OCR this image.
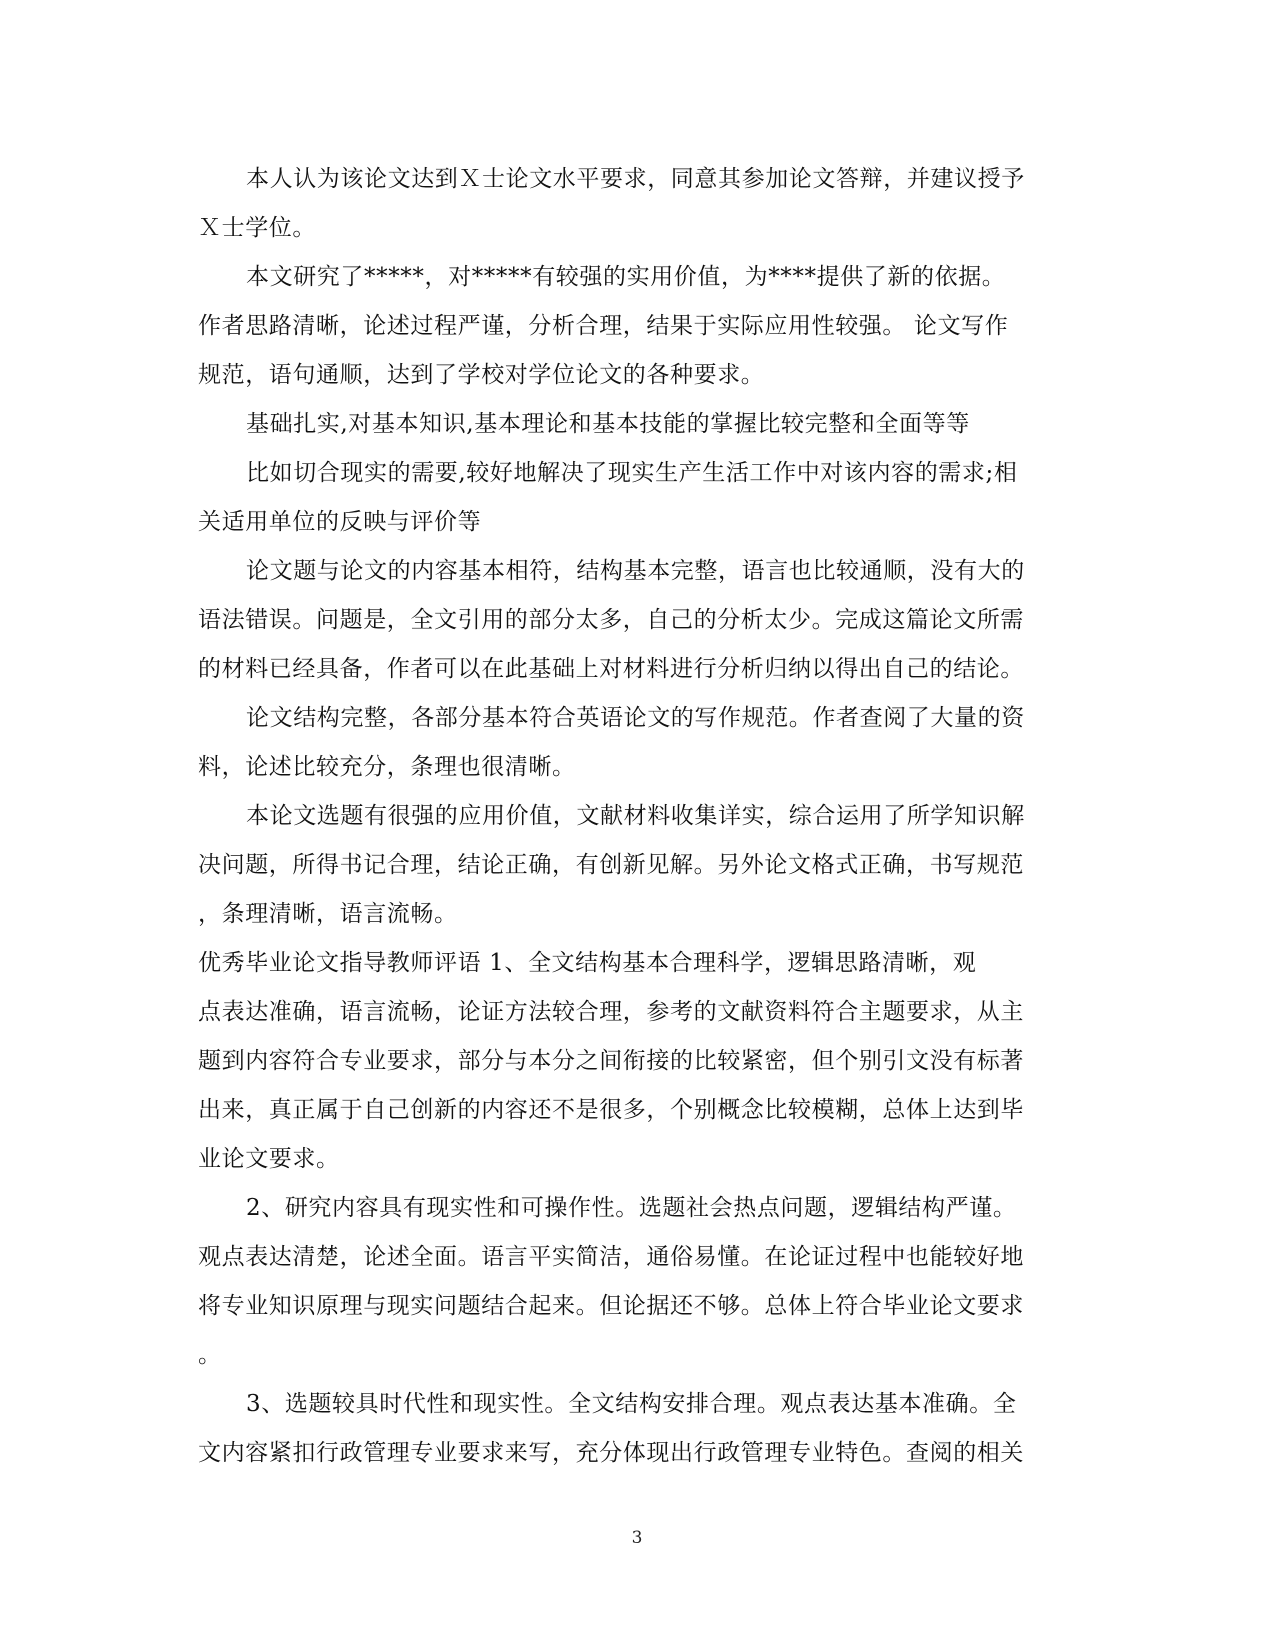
本人认为该论文达到Ｘ士论文水平要求，同意其参加论文答辩，并建议授予
Ｘ士学位。
本文研究了*****，对*****有较强的实用价值，为****提供了新的依据。
作者思路清晰，论述过程严谨，分析合理，结果于实际应用性较强。 论文写作
规范，语句通顺，达到了学校对学位论文的各种要求。
基础扎实,对基本知识,基本理论和基本技能的掌握比较完整和全面等等
比如切合现实的需要,较好地解决了现实生产生活工作中对该内容的需求;相
关适用单位的反映与评价等
论文题与论文的内容基本相符，结构基本完整，语言也比较通顺，没有大的
语法错误。问题是，全文引用的部分太多，自己的分析太少。完成这篇论文所需
的材料已经具备，作者可以在此基础上对材料进行分析归纳以得出自己的结论。
论文结构完整，各部分基本符合英语论文的写作规范。作者查阅了大量的资
料，论述比较充分，条理也很清晰。
本论文选题有很强的应用价值，文献材料收集详实，综合运用了所学知识解
决问题，所得书记合理，结论正确，有创新见解。另外论文格式正确，书写规范
，条理清晰，语言流畅。
优秀毕业论文指导教师评语 1、全文结构基本合理科学，逻辑思路清晰，观
点表达准确，语言流畅，论证方法较合理，参考的文献资料符合主题要求，从主
题到内容符合专业要求，部分与本分之间衔接的比较紧密，但个别引文没有标著
出来，真正属于自己创新的内容还不是很多，个别概念比较模糊，总体上达到毕
业论文要求。
2、研究内容具有现实性和可操作性。选题社会热点问题，逻辑结构严谨。
观点表达清楚，论述全面。语言平实简洁，通俗易懂。在论证过程中也能较好地
将专业知识原理与现实问题结合起来。但论据还不够。总体上符合毕业论文要求
。
3、选题较具时代性和现实性。全文结构安排合理。观点表达基本准确。全
文内容紧扣行政管理专业要求来写，充分体现出行政管理专业特色。查阅的相关
3
